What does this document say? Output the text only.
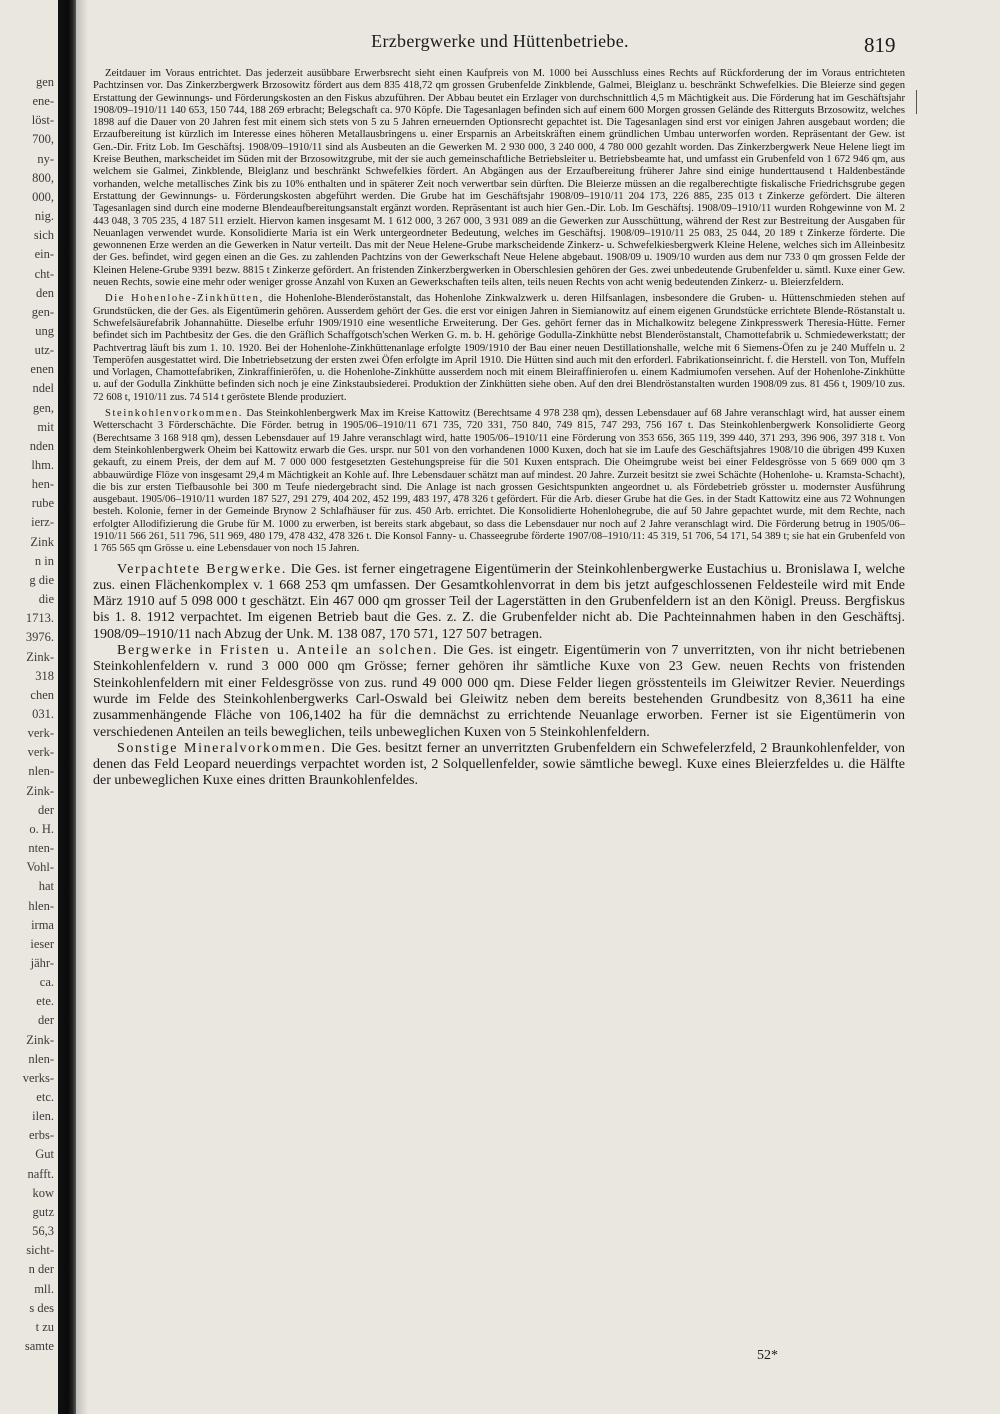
gen
ene-
löst-
700,
ny-
800,
000,
nig.
sich
ein-
cht-
den
gen-
ung
utz-
enen
ndel
gen,
mit
nden
lhm.
hen-
rube
ierz-
Zink
n in
g die
die
1713.
3976.
Zink-
318
chen
031.
verk-
verk-
nlen-
Zink-
der
o. H.
nten-
Vohl-
hat
hlen-
irma
ieser
jähr-
ca.
ete.
der
Zink-
nlen-
verks-
etc.
ilen.
erbs-
Gut
nafft.
kow
gutz
56,3
sicht-
n der
mll.
s des
t zu
samte
Erzbergwerke und Hüttenbetriebe.	819

Zeitdauer im Voraus entrichtet. Das jederzeit ausübbare Erwerbsrecht sieht einen Kaufpreis von M. 1000 bei Ausschluss eines Rechts auf Rückforderung der im Voraus entrichteten Pachtzinsen vor. Das Zinkerzbergwerk Brzosowitz fördert aus dem 835 418,72 qm grossen Grubenfelde Zinkblende, Galmei, Bleiglanz u. beschränkt Schwefelkies. Die Bleierze sind gegen Erstattung der Gewinnungs- und Förderungskosten an den Fiskus abzuführen. Der Abbau beutet ein Erzlager von durchschnittlich 4,5 m Mächtigkeit aus. Die Förderung hat im Geschäftsjahr 1908/09–1910/11 140 653, 150 744, 188 269 erbracht; Belegschaft ca. 970 Köpfe. Die Tagesanlagen befinden sich auf einem 600 Morgen grossen Gelände des Ritterguts Brzosowitz, welches 1898 auf die Dauer von 20 Jahren fest mit einem sich stets von 5 zu 5 Jahren erneuernden Optionsrecht gepachtet ist. Die Tagesanlagen sind erst vor einigen Jahren ausgebaut worden; die Erzaufbereitung ist kürzlich im Interesse eines höheren Metallausbringens u. einer Ersparnis an Arbeitskräften einem gründlichen Umbau unterworfen worden. Repräsentant der Gew. ist Gen.-Dir. Fritz Lob. Im Geschäftsj. 1908/09–1910/11 sind als Ausbeuten an die Gewerken M. 2 930 000, 3 240 000, 4 780 000 gezahlt worden. Das Zinkerzbergwerk Neue Helene liegt im Kreise Beuthen, markscheidet im Süden mit der Brzosowitzgrube, mit der sie auch gemeinschaftliche Betriebsleiter u. Betriebsbeamte hat, und umfasst ein Grubenfeld von 1 672 946 qm, aus welchem sie Galmei, Zinkblende, Bleiglanz und beschränkt Schwefelkies fördert. An Abgängen aus der Erzaufbereitung früherer Jahre sind einige hunderttausend t Haldenbestände vorhanden, welche metallisches Zink bis zu 10% enthalten und in späterer Zeit noch verwertbar sein dürften. Die Bleierze müssen an die regalberechtigte fiskalische Friedrichsgrube gegen Erstattung der Gewinnungs- u. Förderungskosten abgeführt werden. Die Grube hat im Geschäftsjahr 1908/09–1910/11 204 173, 226 885, 235 013 t Zinkerze gefördert. Die älteren Tagesanlagen sind durch eine moderne Blendeaufbereitungsanstalt ergänzt worden. Repräsentant ist auch hier Gen.-Dir. Lob. Im Geschäftsj. 1908/09–1910/11 wurden Rohgewinne von M. 2 443 048, 3 705 235, 4 187 511 erzielt. Hiervon kamen insgesamt M. 1 612 000, 3 267 000, 3 931 089 an die Gewerken zur Ausschüttung, während der Rest zur Bestreitung der Ausgaben für Neuanlagen verwendet wurde. Konsolidierte Maria ist ein Werk untergeordneter Bedeutung, welches im Geschäftsj. 1908/09–1910/11 25 083, 25 044, 20 189 t Zinkerze förderte. Die gewonnenen Erze werden an die Gewerken in Natur verteilt. Das mit der Neue Helene-Grube markscheidende Zinkerz- u. Schwefelkiesbergwerk Kleine Helene, welches sich im Alleinbesitz der Ges. befindet, wird gegen einen an die Ges. zu zahlenden Pachtzins von der Gewerkschaft Neue Helene abgebaut. 1908/09 u. 1909/10 wurden aus dem nur 733 0 qm grossen Felde der Kleinen Helene-Grube 9391 bezw. 8815 t Zinkerze gefördert. An fristenden Zinkerzbergwerken in Oberschlesien gehören der Ges. zwei unbedeutende Grubenfelder u. sämtl. Kuxe einer Gew. neuen Rechts, sowie eine mehr oder weniger grosse Anzahl von Kuxen an Gewerkschaften teils alten, teils neuen Rechts von acht wenig bedeutenden Zinkerz- u. Bleierzfeldern.

Die Hohenlohe-Zinkhütten, die Hohenlohe-Blenderöstanstalt, das Hohenlohe Zinkwalzwerk u. deren Hilfsanlagen, insbesondere die Gruben- u. Hüttenschmieden stehen auf Grundstücken, die der Ges. als Eigentümerin gehören. Ausserdem gehört der Ges. die erst vor einigen Jahren in Siemianowitz auf einem eigenen Grundstücke errichtete Blende-Röstanstalt u. Schwefelsäurefabrik Johannahütte. Dieselbe erfuhr 1909/1910 eine wesentliche Erweiterung. Der Ges. gehört ferner das in Michalkowitz belegene Zinkpresswerk Theresia-Hütte. Ferner befindet sich im Pachtbesitz der Ges. die den Gräflich Schaffgotsch'schen Werken G. m. b. H. gehörige Godulla-Zinkhütte nebst Blenderöstanstalt, Chamottefabrik u. Schmiedewerkstatt; der Pachtvertrag läuft bis zum 1. 10. 1920. Bei der Hohenlohe-Zinkhüttenanlage erfolgte 1909/1910 der Bau einer neuen Destillationshalle, welche mit 6 Siemens-Öfen zu je 240 Muffeln u. 2 Temperöfen ausgestattet wird. Die Inbetriebsetzung der ersten zwei Öfen erfolgte im April 1910. Die Hütten sind auch mit den erforderl. Fabrikationseinricht. f. die Herstell. von Ton, Muffeln und Vorlagen, Chamottefabriken, Zinkraffinieröfen, u. die Hohenlohe-Zinkhütte ausserdem noch mit einem Bleiraffinierofen u. einem Kadmiumofen versehen. Auf der Hohenlohe-Zinkhütte u. auf der Godulla Zinkhütte befinden sich noch je eine Zinkstaubsiederei. Produktion der Zinkhütten siehe oben. Auf den drei Blendröstanstalten wurden 1908/09 zus. 81 456 t, 1909/10 zus. 72 608 t, 1910/11 zus. 74 514 t geröstete Blende produziert.

Steinkohlenvorkommen. Das Steinkohlenbergwerk Max im Kreise Kattowitz (Berechtsame 4 978 238 qm), dessen Lebensdauer auf 68 Jahre veranschlagt wird, hat ausser einem Wetterschacht 3 Förderschächte. Die Förder. betrug in 1905/06–1910/11 671 735, 720 331, 750 840, 749 815, 747 293, 756 167 t. Das Steinkohlenbergwerk Konsolidierte Georg (Berechtsame 3 168 918 qm), dessen Lebensdauer auf 19 Jahre veranschlagt wird, hatte 1905/06–1910/11 eine Förderung von 353 656, 365 119, 399 440, 371 293, 396 906, 397 318 t. Von dem Steinkohlenbergwerk Oheim bei Kattowitz erwarb die Ges. urspr. nur 501 von den vorhandenen 1000 Kuxen, doch hat sie im Laufe des Geschäftsjahres 1908/10 die übrigen 499 Kuxen gekauft, zu einem Preis, der dem auf M. 7 000 000 festgesetzten Gestehungspreise für die 501 Kuxen entsprach. Die Oheimgrube weist bei einer Feldesgrösse von 5 669 000 qm 3 abbauwürdige Flöze von insgesamt 29,4 m Mächtigkeit an Kohle auf. Ihre Lebensdauer schätzt man auf mindest. 20 Jahre. Zurzeit besitzt sie zwei Schächte (Hohenlohe- u. Kramsta-Schacht), die bis zur ersten Tiefbausohle bei 300 m Teufe niedergebracht sind. Die Anlage ist nach grossen Gesichtspunkten angeordnet u. als Fördebetrieb grösster u. modernster Ausführung ausgebaut. 1905/06–1910/11 wurden 187 527, 291 279, 404 202, 452 199, 483 197, 478 326 t gefördert. Für die Arb. dieser Grube hat die Ges. in der Stadt Kattowitz eine aus 72 Wohnungen besteh. Kolonie, ferner in der Gemeinde Brynow 2 Schlafhäuser für zus. 450 Arb. errichtet. Die Konsolidierte Hohenlohegrube, die auf 50 Jahre gepachtet wurde, mit dem Rechte, nach erfolgter Allodifizierung die Grube für M. 1000 zu erwerben, ist bereits stark abgebaut, so dass die Lebensdauer nur noch auf 2 Jahre veranschlagt wird. Die Förderung betrug in 1905/06–1910/11 566 261, 511 796, 511 969, 480 179, 478 432, 478 326 t. Die Konsol Fanny- u. Chasseegrube förderte 1907/08–1910/11: 45 319, 51 706, 54 171, 54 389 t; sie hat ein Grubenfeld von 1 765 565 qm Grösse u. eine Lebensdauer von noch 15 Jahren.

Verpachtete Bergwerke. Die Ges. ist ferner eingetragene Eigentümerin der Steinkohlenbergwerke Eustachius u. Bronislawa I, welche zus. einen Flächenkomplex v. 1 668 253 qm umfassen. Der Gesamtkohlenvorrat in dem bis jetzt aufgeschlossenen Feldesteile wird mit Ende März 1910 auf 5 098 000 t geschätzt. Ein 467 000 qm grosser Teil der Lagerstätten in den Grubenfeldern ist an den Königl. Preuss. Bergfiskus bis 1. 8. 1912 verpachtet. Im eigenen Betrieb baut die Ges. z. Z. die Grubenfelder nicht ab. Die Pachteinnahmen haben in den Geschäftsj. 1908/09–1910/11 nach Abzug der Unk. M. 138 087, 170 571, 127 507 betragen.

Bergwerke in Fristen u. Anteile an solchen. Die Ges. ist eingetr. Eigentümerin von 7 unverritzten, von ihr nicht betriebenen Steinkohlenfeldern v. rund 3 000 000 qm Grösse; ferner gehören ihr sämtliche Kuxe von 23 Gew. neuen Rechts von fristenden Steinkohlenfeldern mit einer Feldesgrösse von zus. rund 49 000 000 qm. Diese Felder liegen grösstenteils im Gleiwitzer Revier. Neuerdings wurde im Felde des Steinkohlenbergwerks Carl-Oswald bei Gleiwitz neben dem bereits bestehenden Grundbesitz von 8,3611 ha eine zusammenhängende Fläche von 106,1402 ha für die demnächst zu errichtende Neuanlage erworben. Ferner ist sie Eigentümerin von verschiedenen Anteilen an teils beweglichen, teils unbeweglichen Kuxen von 5 Steinkohlenfeldern.

Sonstige Mineralvorkommen. Die Ges. besitzt ferner an unverritzten Grubenfeldern ein Schwefelerzfeld, 2 Braunkohlenfelder, von denen das Feld Leopard neuerdings verpachtet worden ist, 2 Solquellenfelder, sowie sämtliche bewegl. Kuxe eines Bleierzfeldes u. die Hälfte der unbeweglichen Kuxe eines dritten Braunkohlenfeldes.

52*
